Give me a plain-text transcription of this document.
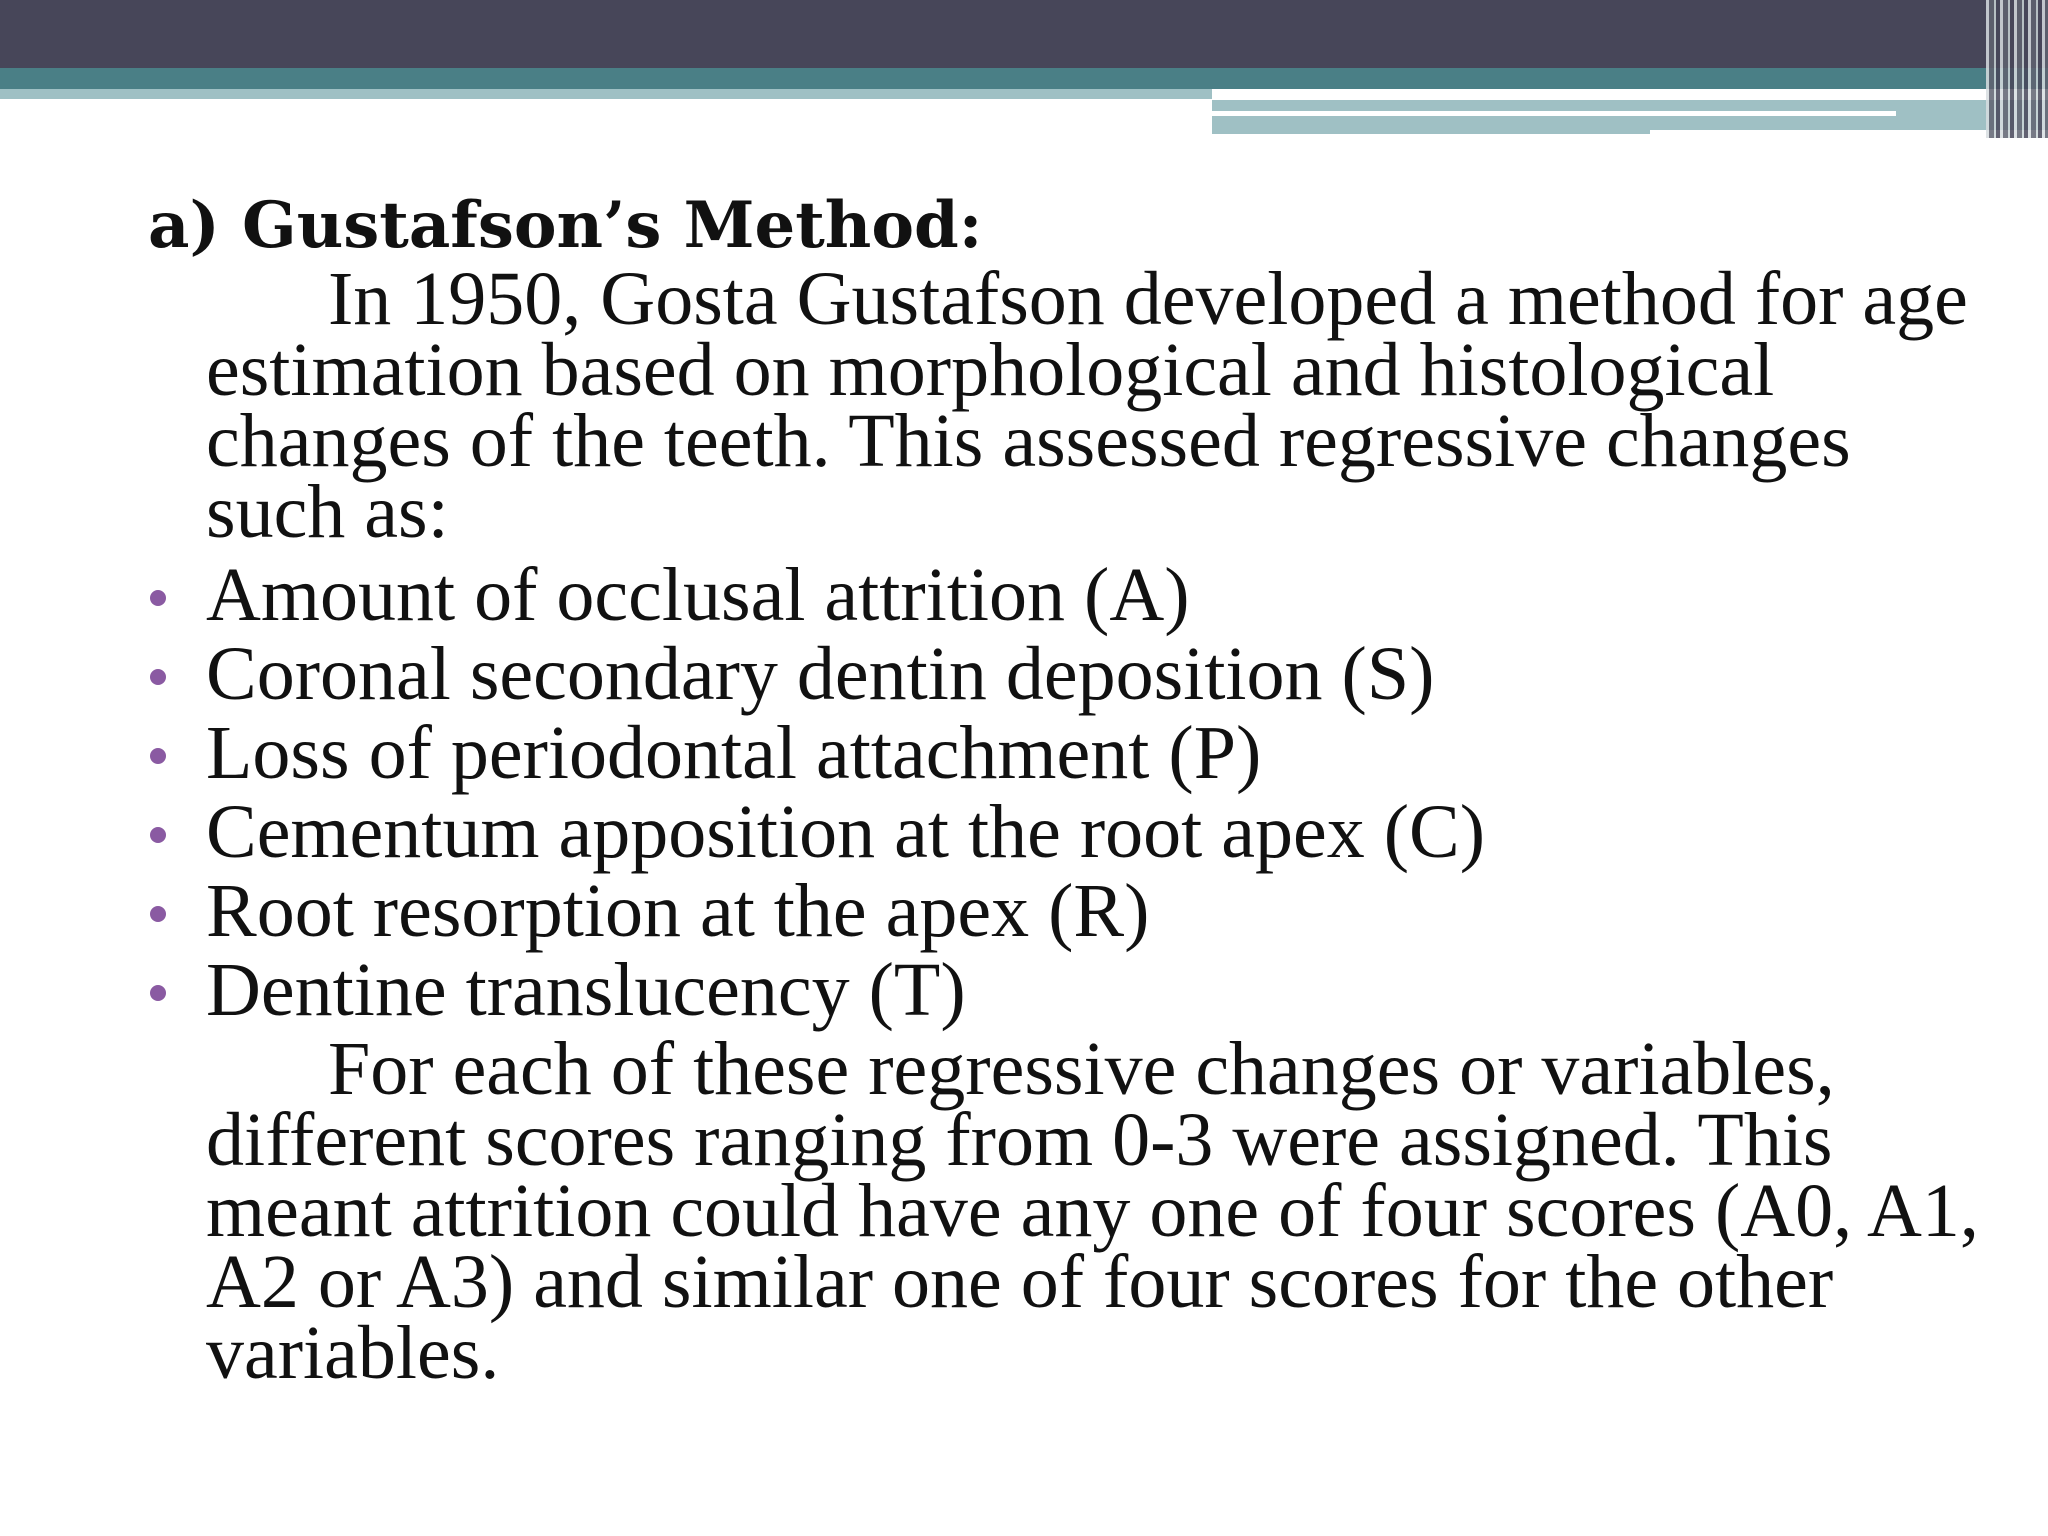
a) Gustafson’s Method:

In 1950, Gosta Gustafson developed a method for age estimation based on morphological and histological changes of the teeth. This assessed regressive changes such as:

Amount of occlusal attrition (A)
Coronal secondary dentin deposition (S)
Loss of periodontal attachment (P)
Cementum apposition at the root apex (C)
Root resorption at the apex (R)
Dentine translucency (T)

For each of these regressive changes or variables, different scores ranging from 0-3 were assigned. This meant attrition could have any one of four scores (A0, A1, A2 or A3) and similar one of four scores for the other variables.
